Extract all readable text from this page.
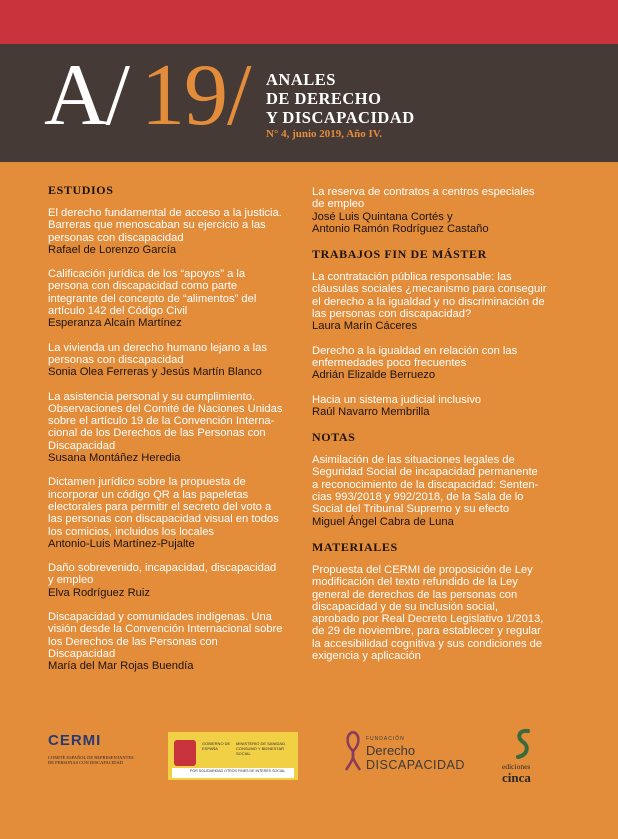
A/ 19/ ANALES
DE DERECHO
Y DISCAPACIDAD
N° 4, junio 2019, Año IV.
ESTUDIOS
El derecho fundamental de acceso a la justicia.
Barreras que menoscaban su ejercicio a las
personas con discapacidad
Rafael de Lorenzo García
Calificación jurídica de los “apoyos” a la
persona con discapacidad como parte
integrante del concepto de “alimentos” del
artículo 142 del Código Civil
Esperanza Alcaín Martínez
La vivienda un derecho humano lejano a las
personas con discapacidad
Sonia Olea Ferreras y Jesús Martín Blanco
La asistencia personal y su cumplimiento.
Observaciones del Comité de Naciones Unidas
sobre el artículo 19 de la Convención Interna-
cional de los Derechos de las Personas con
Discapacidad
Susana Montáñez Heredia
Dictamen jurídico sobre la propuesta de
incorporar un código QR a las papeletas
electorales para permitir el secreto del voto a
las personas con discapacidad visual en todos
los comicios, incluidos los locales
Antonio-Luis Martínez-Pujalte
Daño sobrevenido, incapacidad, discapacidad
y empleo
Elva Rodríguez Ruiz
Discapacidad y comunidades indígenas. Una
visión desde la Convención Internacional sobre
los Derechos de las Personas con Discapacidad
María del Mar Rojas Buendía
La reserva de contratos a centros especiales
de empleo
José Luis Quintana Cortés y
Antonio Ramón Rodríguez Castaño
TRABAJOS FIN DE MÁSTER
La contratación pública responsable: las
cláusulas sociales ¿mecanismo para conseguir
el derecho a la igualdad y no discriminación de
las personas con discapacidad?
Laura Marín Cáceres
Derecho a la igualdad en relación con las
enfermedades poco frecuentes
Adrián Elizalde Berruezo
Hacia un sistema judicial inclusivo
Raúl Navarro Membrilla
NOTAS
Asimilación de las situaciones legales de
Seguridad Social de incapacidad permanente
a reconocimiento de la discapacidad: Senten-
cias 993/2018 y 992/2018, de la Sala de lo
Social del Tribunal Supremo y su efecto
Miguel Ángel Cabra de Luna
MATERIALES
Propuesta del CERMI de proposición de Ley
modificación del texto refundido de la Ley
general de derechos de las personas con
discapacidad y de su inclusión social,
aprobado por Real Decreto Legislativo 1/2013,
de 29 de noviembre, para establecer y regular
la accesibilidad cognitiva y sus condiciones de
exigencia y aplicación
CERMI
COMITÉ ESPAÑOL DE REPRESENTANTES DE PERSONAS CON DISCAPACIDAD
GOBIERNO DE ESPAÑA
MINISTERIO DE SANIDAD, CONSUMO Y BIENESTAR SOCIAL
POR SOLIDARIDAD OTROS FINES DE INTERÉS SOCIAL
FUNDACIÓN
Derecho
DISCAPACIDAD	ediciones
cinca
